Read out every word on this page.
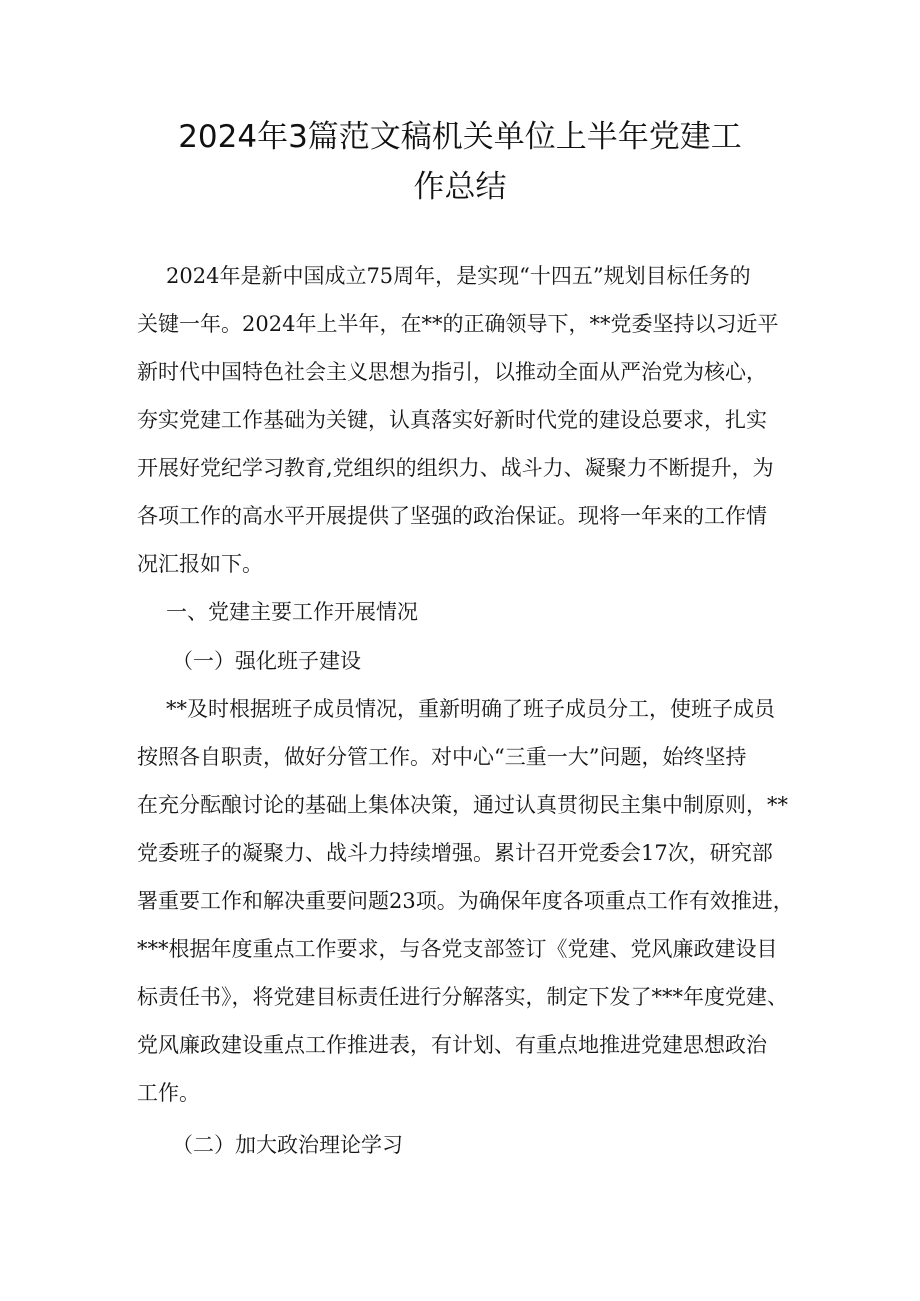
2024年3篇范文稿机关单位上半年党建工
作总结
2024年是新中国成立75周年，是实现“十四五”规划目标任务的
关键一年。2024年上半年，在**的正确领导下，**党委坚持以习近平
新时代中国特色社会主义思想为指引，以推动全面从严治党为核心，
夯实党建工作基础为关键，认真落实好新时代党的建设总要求，扎实
开展好党纪学习教育,党组织的组织力、战斗力、凝聚力不断提升，为
各项工作的高水平开展提供了坚强的政治保证。现将一年来的工作情
况汇报如下。
一、党建主要工作开展情况
（一）强化班子建设
**及时根据班子成员情况，重新明确了班子成员分工，使班子成员
按照各自职责，做好分管工作。对中心“三重一大”问题，始终坚持
在充分酝酿讨论的基础上集体决策，通过认真贯彻民主集中制原则，**
党委班子的凝聚力、战斗力持续增强。累计召开党委会17次，研究部
署重要工作和解决重要问题23项。为确保年度各项重点工作有效推进，
***根据年度重点工作要求，与各党支部签订《党建、党风廉政建设目
标责任书》，将党建目标责任进行分解落实，制定下发了***年度党建、
党风廉政建设重点工作推进表，有计划、有重点地推进党建思想政治
工作。
（二）加大政治理论学习
